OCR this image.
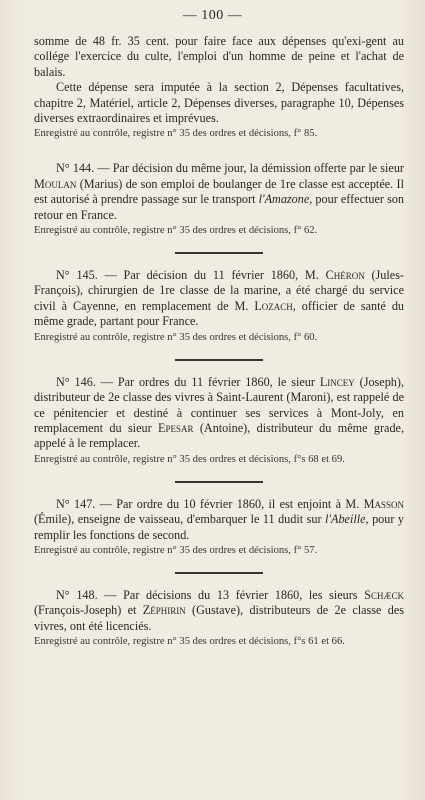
— 100 —

somme de 48 fr. 35 cent. pour faire face aux dépenses qu'exi-gent au collége l'exercice du culte, l'emploi d'un homme de peine et l'achat de balais.

Cette dépense sera imputée à la section 2, Dépenses facultatives, chapitre 2, Matériel, article 2, Dépenses diverses, paragraphe 10, Dépenses diverses extraordinaires et imprévues.

Enregistré au contrôle, registre n° 35 des ordres et décisions, f° 85.

N° 144. — Par décision du même jour, la démission offerte par le sieur Moulan (Marius) de son emploi de boulanger de 1re classe est acceptée. Il est autorisé à prendre passage sur le transport l'Amazone, pour effectuer son retour en France.

Enregistré au contrôle, registre n° 35 des ordres et décisions, f° 62.

N° 145. — Par décision du 11 février 1860, M. Chéron (Jules-François), chirurgien de 1re classe de la marine, a été chargé du service civil à Cayenne, en remplacement de M. Lozach, officier de santé du même grade, partant pour France.

Enregistré au contrôle, registre n° 35 des ordres et décisions, f° 60.

N° 146. — Par ordres du 11 février 1860, le sieur Lincey (Joseph), distributeur de 2e classe des vivres à Saint-Laurent (Maroni), est rappelé de ce pénitencier et destiné à continuer ses services à Mont-Joly, en remplacement du sieur Epesar (Antoine), distributeur du même grade, appelé à le remplacer.

Enregistré au contrôle, registre n° 35 des ordres et décisions, f°s 68 et 69.

N° 147. — Par ordre du 10 février 1860, il est enjoint à M. Masson (Émile), enseigne de vaisseau, d'embarquer le 11 dudit sur l'Abeille, pour y remplir les fonctions de second.

Enregistré au contrôle, registre n° 35 des ordres et décisions, f° 57.

N° 148. — Par décisions du 13 février 1860, les sieurs Schæck (François-Joseph) et Zéphirin (Gustave), distributeurs de 2e classe des vivres, ont été licenciés.

Enregistré au contrôle, registre n° 35 des ordres et décisions, f°s 61 et 66.
